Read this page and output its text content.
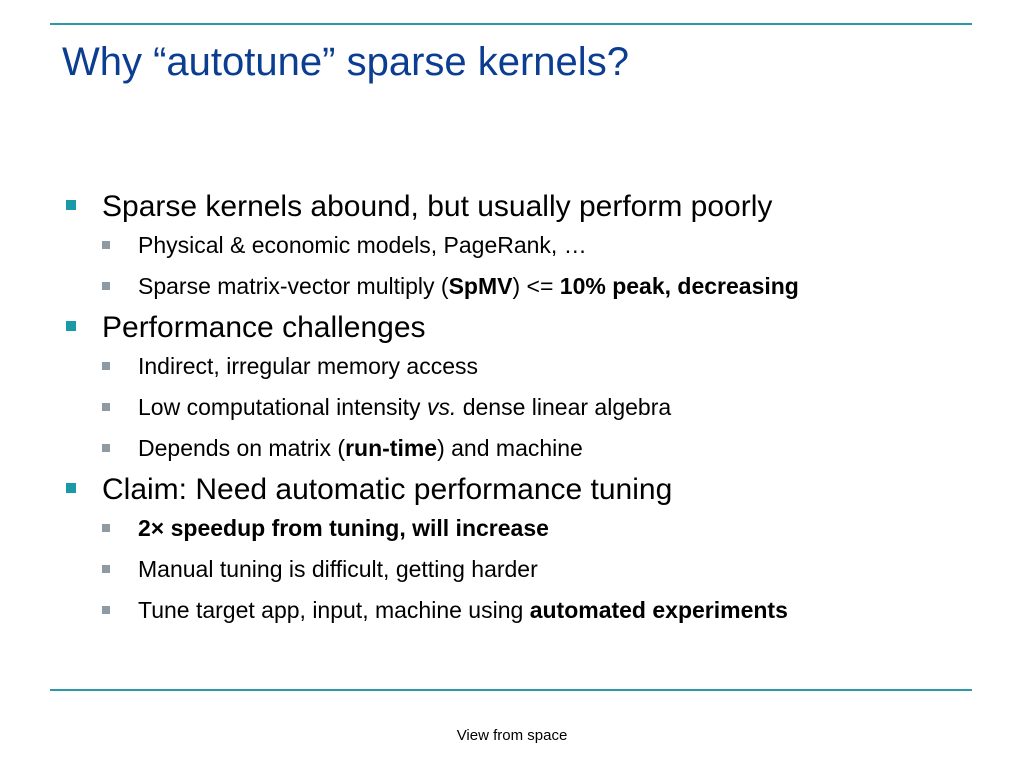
Why “autotune” sparse kernels?
Sparse kernels abound, but usually perform poorly
Physical & economic models, PageRank, …
Sparse matrix-vector multiply (SpMV) <= 10% peak, decreasing
Performance challenges
Indirect, irregular memory access
Low computational intensity vs. dense linear algebra
Depends on matrix (run-time) and machine
Claim: Need automatic performance tuning
2× speedup from tuning, will increase
Manual tuning is difficult, getting harder
Tune target app, input, machine using automated experiments
View from space
